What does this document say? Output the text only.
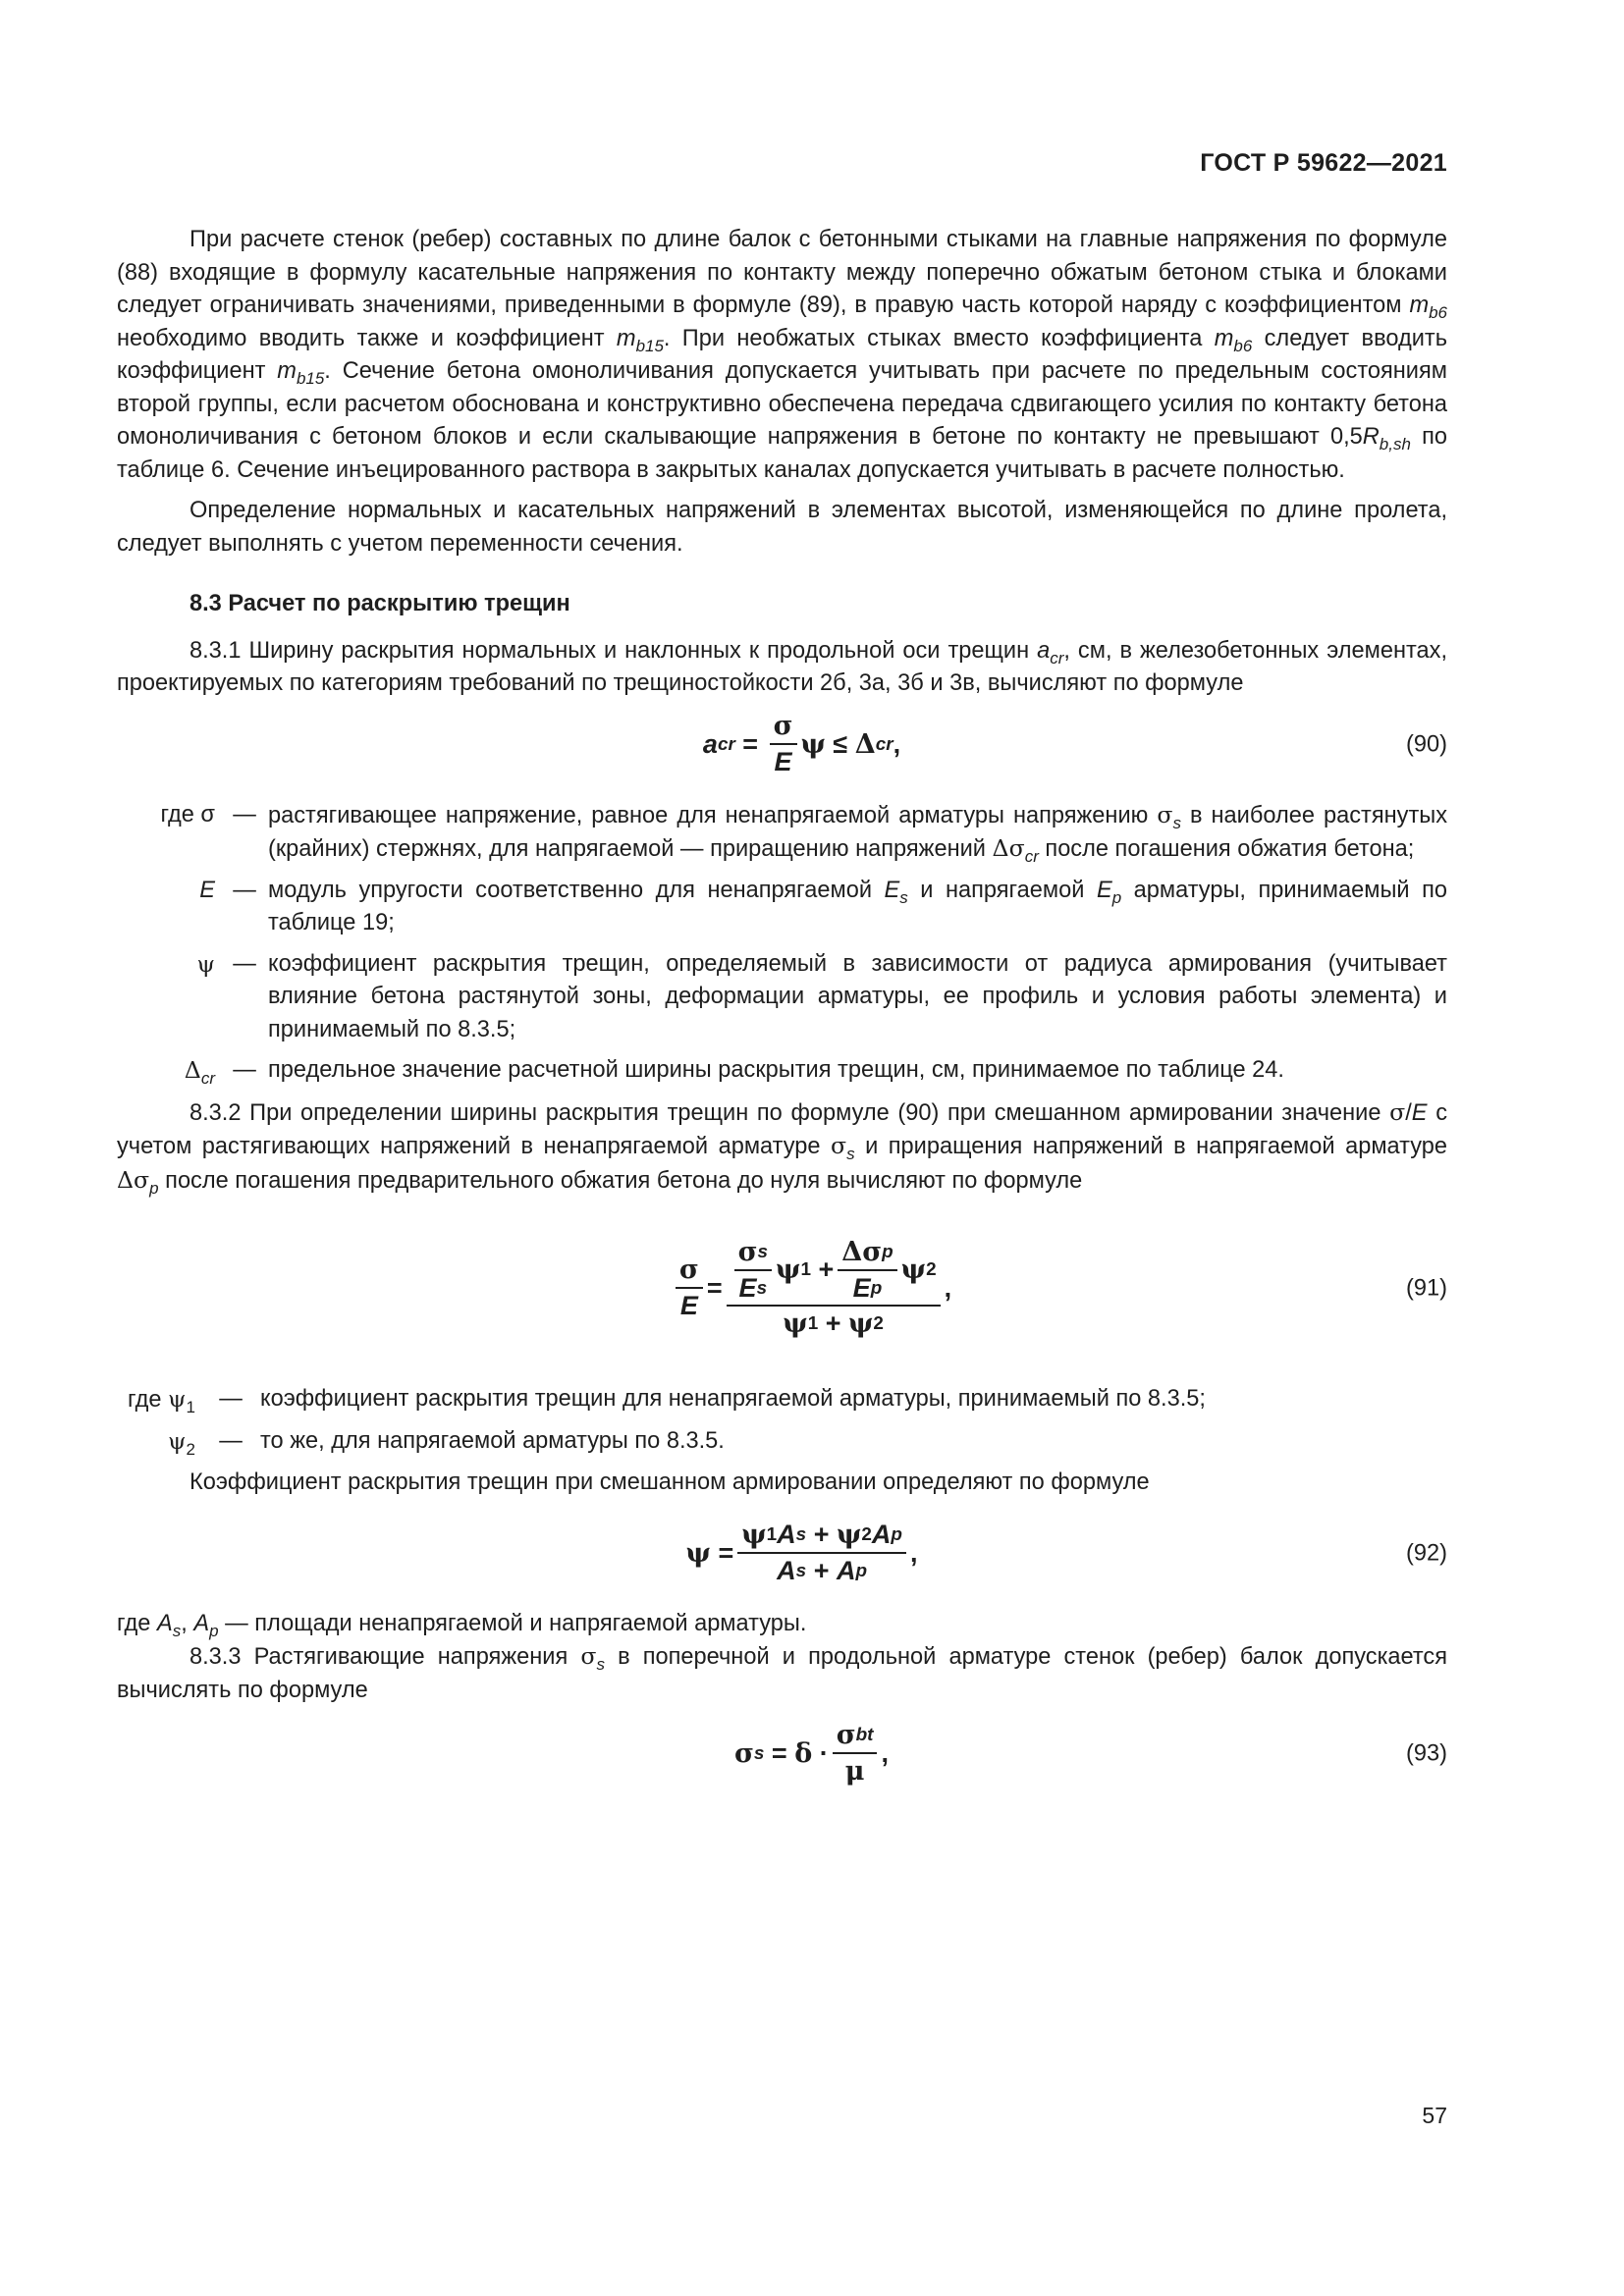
ГОСТ Р 59622—2021

При расчете стенок (ребер) составных по длине балок с бетонными стыками на главные напряжения по формуле (88) входящие в формулу касательные напряжения по контакту между поперечно обжатым бетоном стыка и блоками следует ограничивать значениями, приведенными в формуле (89), в правую часть которой наряду с коэффициентом $m_{b6}$ необходимо вводить также и коэффициент $m_{b15}$. При необжатых стыках вместо коэффициента $m_{b6}$ следует вводить коэффициент $m_{b15}$. Сечение бетона омоноличивания допускается учитывать при расчете по предельным состояниям второй группы, если расчетом обоснована и конструктивно обеспечена передача сдвигающего усилия по контакту бетона омоноличивания с бетоном блоков и если скалывающие напряжения в бетоне по контакту не превышают $0,5R_{b,sh}$ по таблице 6. Сечение инъецированного раствора в закрытых каналах допускается учитывать в расчете полностью.

Определение нормальных и касательных напряжений в элементах высотой, изменяющейся по длине пролета, следует выполнять с учетом переменности сечения.

8.3 Расчет по раскрытию трещин

8.3.1 Ширину раскрытия нормальных и наклонных к продольной оси трещин $a_{cr}$, см, в железобетонных элементах, проектируемых по категориям требований по трещиностойкости 2б, 3а, 3б и 3в, вычисляют по формуле

a cr = $\frac{\sigma}{E}$ ψ ≤ Δ cr ,	(90)
где σ — растягивающее напряжение, равное для ненапрягаемой арматуры напряжению $\sigma_s$ в наиболее растянутых (крайних) стержнях, для напрягаемой — приращению напряжений $\Delta\sigma_{cr}$ после погашения обжатия бетона;
E — модуль упругости соответственно для ненапрягаемой $E_s$ и напрягаемой $E_p$ арматуры, принимаемый по таблице 19;
ψ — коэффициент раскрытия трещин, определяемый в зависимости от радиуса армирования (учитывает влияние бетона растянутой зоны, деформации арматуры, ее профиль и условия работы элемента) и принимаемый по 8.3.5;
$\Delta_{cr}$ — предельное значение расчетной ширины раскрытия трещин, см, принимаемое по таблице 24.

8.3.2 При определении ширины раскрытия трещин по формуле (90) при смешанном армировании значение σ/E с учетом растягивающих напряжений в ненапрягаемой арматуре $\sigma_s$ и приращения напряжений в напрягаемой арматуре $\Delta\sigma_p$ после погашения предварительного обжатия бетона до нуля вычисляют по формуле

$\frac{\sigma}{E} = \frac{\frac{\text{σ s}}{\text{E s}} \psi 1 + \frac{\text{Δσ p}}{\text{E p}} \psi 2}{\psi 1 + \psi 2}$ ,	(91)
где $\psi_1$	— коэффициент раскрытия трещин для ненапрягаемой арматуры, принимаемый по 8.3.5;
$\psi_2$	— то же, для напрягаемой арматуры по 8.3.5.

Коэффициент раскрытия трещин при смешанном армировании определяют по формуле

$\psi = \frac{\text{ψ 1 A s + ψ 2 A p}}{\text{A s + A p}}$ ,	(92)

где $A_s$, $A_p$ — площади ненапрягаемой и напрягаемой арматуры.

8.3.3 Растягивающие напряжения $\sigma_s$ в поперечной и продольной арматуре стенок (ребер) балок допускается вычислять по формуле

σ $s = \delta \cdot \frac{\text{σ bt}}{\mu}$ ,	(93)
57
